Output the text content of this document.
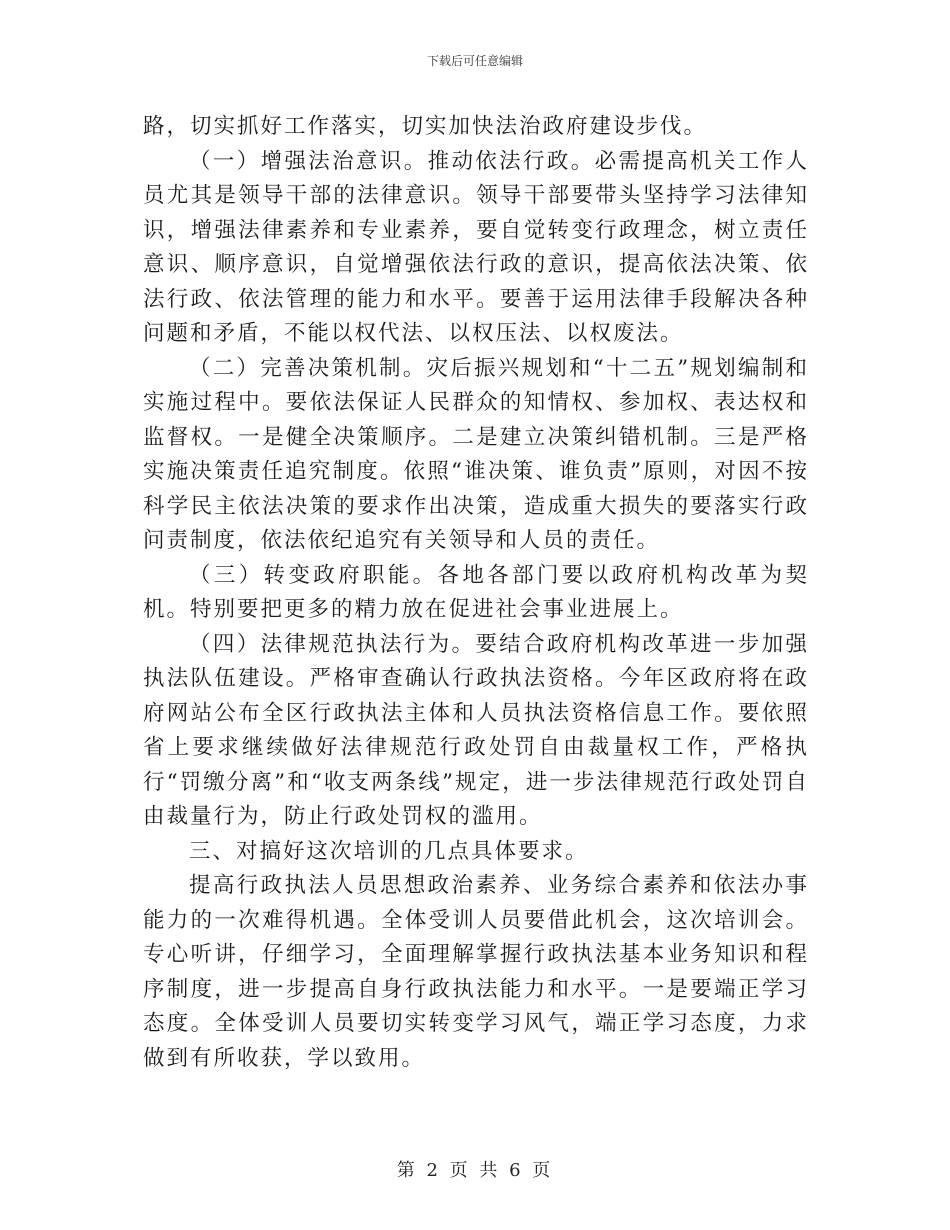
下载后可任意编辑

路，切实抓好工作落实，切实加快法治政府建设步伐。

（一）增强法治意识。推动依法行政。必需提高机关工作人员尤其是领导干部的法律意识。领导干部要带头坚持学习法律知识，增强法律素养和专业素养，要自觉转变行政理念，树立责任意识、顺序意识，自觉增强依法行政的意识，提高依法决策、依法行政、依法管理的能力和水平。要善于运用法律手段解决各种问题和矛盾，不能以权代法、以权压法、以权废法。

（二）完善决策机制。灾后振兴规划和“十二五”规划编制和实施过程中。要依法保证人民群众的知情权、参加权、表达权和监督权。一是健全决策顺序。二是建立决策纠错机制。三是严格实施决策责任追究制度。依照“谁决策、谁负责”原则，对因不按科学民主依法决策的要求作出决策，造成重大损失的要落实行政问责制度，依法依纪追究有关领导和人员的责任。

（三）转变政府职能。各地各部门要以政府机构改革为契机。特别要把更多的精力放在促进社会事业进展上。

（四）法律规范执法行为。要结合政府机构改革进一步加强执法队伍建设。严格审查确认行政执法资格。今年区政府将在政府网站公布全区行政执法主体和人员执法资格信息工作。要依照省上要求继续做好法律规范行政处罚自由裁量权工作，严格执行“罚缴分离”和“收支两条线”规定，进一步法律规范行政处罚自由裁量行为，防止行政处罚权的滥用。

三、对搞好这次培训的几点具体要求。

提高行政执法人员思想政治素养、业务综合素养和依法办事能力的一次难得机遇。全体受训人员要借此机会，这次培训会。专心听讲，仔细学习，全面理解掌握行政执法基本业务知识和程序制度，进一步提高自身行政执法能力和水平。一是要端正学习态度。全体受训人员要切实转变学习风气，端正学习态度，力求做到有所收获，学以致用。

第 2 页 共 6 页
